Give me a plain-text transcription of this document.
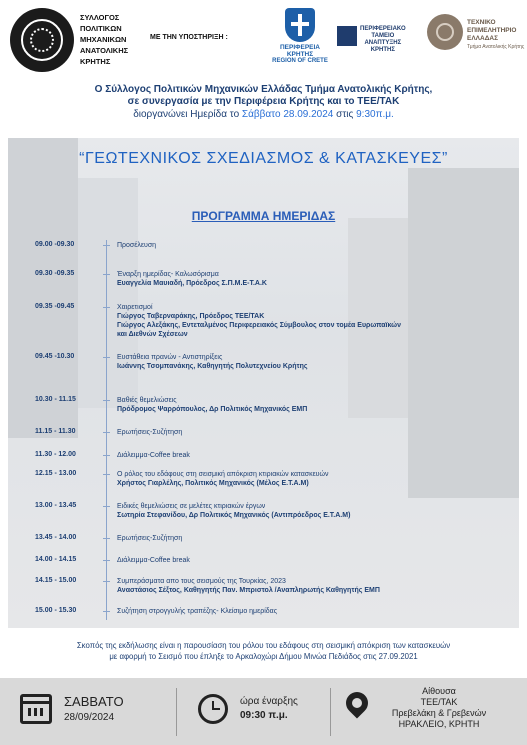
ΣΥΛΛΟΓΟΣ
ΠΟΛΙΤΙΚΩΝ
ΜΗΧΑΝΙΚΩΝ
ΑΝΑΤΟΛΙΚΗΣ
ΚΡΗΤΗΣ
ΜΕ ΤΗΝ ΥΠΟΣΤΗΡΙΞΗ :
ΠΕΡΙΦΕΡΕΙΑ ΚΡΗΤΗΣ
REGION OF CRETE
ΠΕΡΙΦΕΡΕΙΑΚΟ
ΤΑΜΕΙΟ
ΑΝΑΠΤΥΞΗΣ
ΚΡΗΤΗΣ
ΤΕΧΝΙΚΟ
ΕΠΙΜΕΛΗΤΗΡΙΟ
ΕΛΛΑΔΑΣ
Τμήμα Ανατολικής Κρήτης
Ο Σύλλογος Πολιτικών Μηχανικών Ελλάδας Τμήμα Ανατολικής Κρήτης,
σε συνεργασία με την Περιφέρεια Κρήτης και το ΤΕΕ/ΤΑΚ
διοργανώνει Ημερίδα το Σάββατο 28.09.2024 στις 9:30π.μ.
“ΓΕΩΤΕΧΝΙΚΟΣ ΣΧΕΔΙΑΣΜΟΣ & ΚΑΤΑΣΚΕΥΕΣ”
ΠΡΟΓΡΑΜΜΑ ΗΜΕΡΙΔΑΣ
09.00 -09.30	Προσέλευση
09.30 -09.35	Έναρξη ημερίδας- Καλωσόρισμα
Ευαγγελία Μαυιαδή, Πρόεδρος Σ.Π.Μ.Ε-Τ.Α.Κ
09.35 -09.45	Χαιρετισμοί
Γιώργος Ταβερναράκης, Πρόεδρος ΤΕΕ/ΤΑΚ
Γιώργος Αλεξάκης, Εντεταλμένος Περιφερειακός Σύμβουλος στον τομέα Ευρωπαϊκών
και Διεθνών Σχέσεων
09.45 -10.30	Ευστάθεια πρανών - Αντιστηρίξεις
Ιωάννης Τσομπανάκης, Καθηγητής Πολυτεχνείου Κρήτης
10.30 - 11.15	Βαθιές θεμελιώσεις
Πρόδρομος Ψαρρόπουλος, Δρ Πολιτικός Μηχανικός ΕΜΠ
11.15 - 11.30	Ερωτήσεις-Συζήτηση
11.30 - 12.00	Διάλειμμα-Coffee break
12.15 - 13.00	Ο ρόλος του εδάφους στη σεισμική απόκριση κτιριακών κατασκευών
Χρήστος Γιαρλέλης, Πολιτικός Μηχανικός (Μέλος Ε.Τ.Α.Μ)
13.00 - 13.45	Ειδικές θεμελιώσεις σε μελέτες κτιριακών έργων
Σωτηρία Στεφανίδου, Δρ Πολιτικός Μηχανικός (Αντιπρόεδρος Ε.Τ.Α.Μ)
13.45 - 14.00	Ερωτήσεις-Συζήτηση
14.00 - 14.15	Διάλειμμα-Coffee break
14.15 - 15.00	Συμπεράσματα απο τους σεισμούς της Τουρκίας, 2023
Αναστάσιος Σέξτος, Καθηγητής Παν. Μπριστολ /Αναπληρωτής Καθηγητής ΕΜΠ
15.00 - 15.30	Συζήτηση στρογγυλής τραπέζης- Κλείσιμο ημερίδας
Σκοπός της εκδήλωσης είναι η παρουσίαση του ρόλου του εδάφους στη σεισμική απόκριση των κατασκευών
με αφορμή το Σεισμό που έπληξε το Αρκαλοχώρι Δήμου Μινώα Πεδιάδος στις 27.09.2021
ΣΑΒΒΑΤΟ
28/09/2024
ώρα έναρξης
09:30 π.μ.
Αίθουσα
ΤΕΕ/ΤΑΚ
Πρεβελάκη & Γρεβενών
ΗΡΑΚΛΕΙΟ, ΚΡΗΤΗ
